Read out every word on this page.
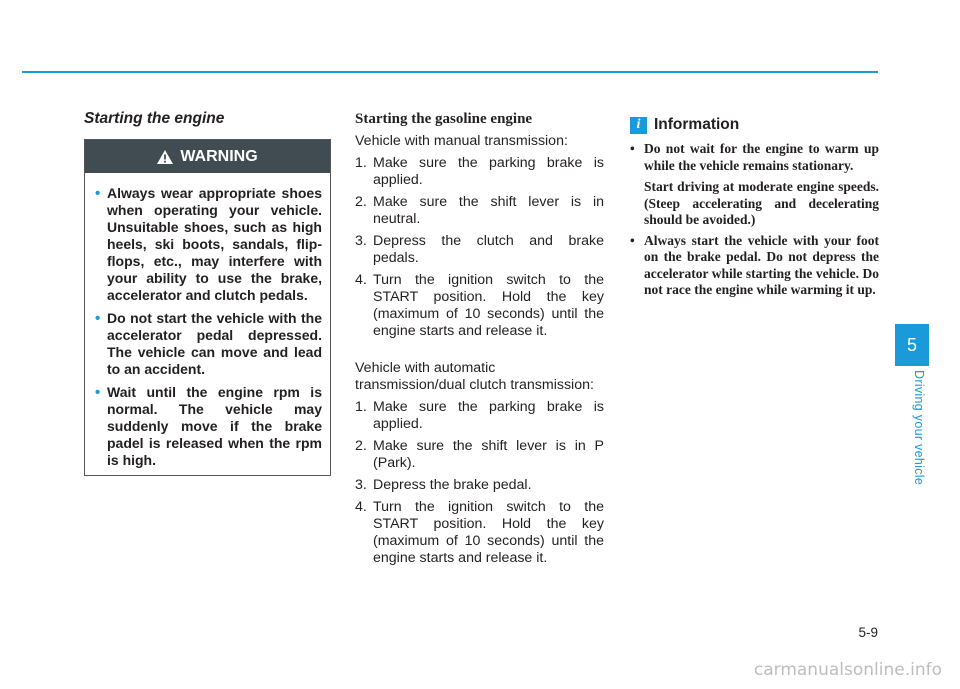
Starting the engine
WARNING
• Always wear appropriate shoes when operating your vehicle. Unsuitable shoes, such as high heels, ski boots, sandals, flip-flops, etc., may interfere with your ability to use the brake, accelerator and clutch pedals.
• Do not start the vehicle with the accelerator pedal depressed. The vehicle can move and lead to an accident.
• Wait until the engine rpm is normal. The vehicle may suddenly move if the brake padel is released when the rpm is high.
Starting the gasoline engine

Vehicle with manual transmission:

1. Make sure the parking brake is applied.
2. Make sure the shift lever is in neutral.
3. Depress the clutch and brake pedals.
4. Turn the ignition switch to the START position. Hold the key (maximum of 10 seconds) until the engine starts and release it.

Vehicle with automatic transmission/dual clutch transmission:

1. Make sure the parking brake is applied.
2. Make sure the shift lever is in P (Park).
3. Depress the brake pedal.
4. Turn the ignition switch to the START position. Hold the key (maximum of 10 seconds) until the engine starts and release it.
i Information
• Do not wait for the engine to warm up while the vehicle remains stationary.
Start driving at moderate engine speeds. (Steep accelerating and decelerating should be avoided.)
• Always start the vehicle with your foot on the brake pedal. Do not depress the accelerator while starting the vehicle. Do not race the engine while warming it up.
5
Driving your vehicle
5-9
carmanualsonline.info
